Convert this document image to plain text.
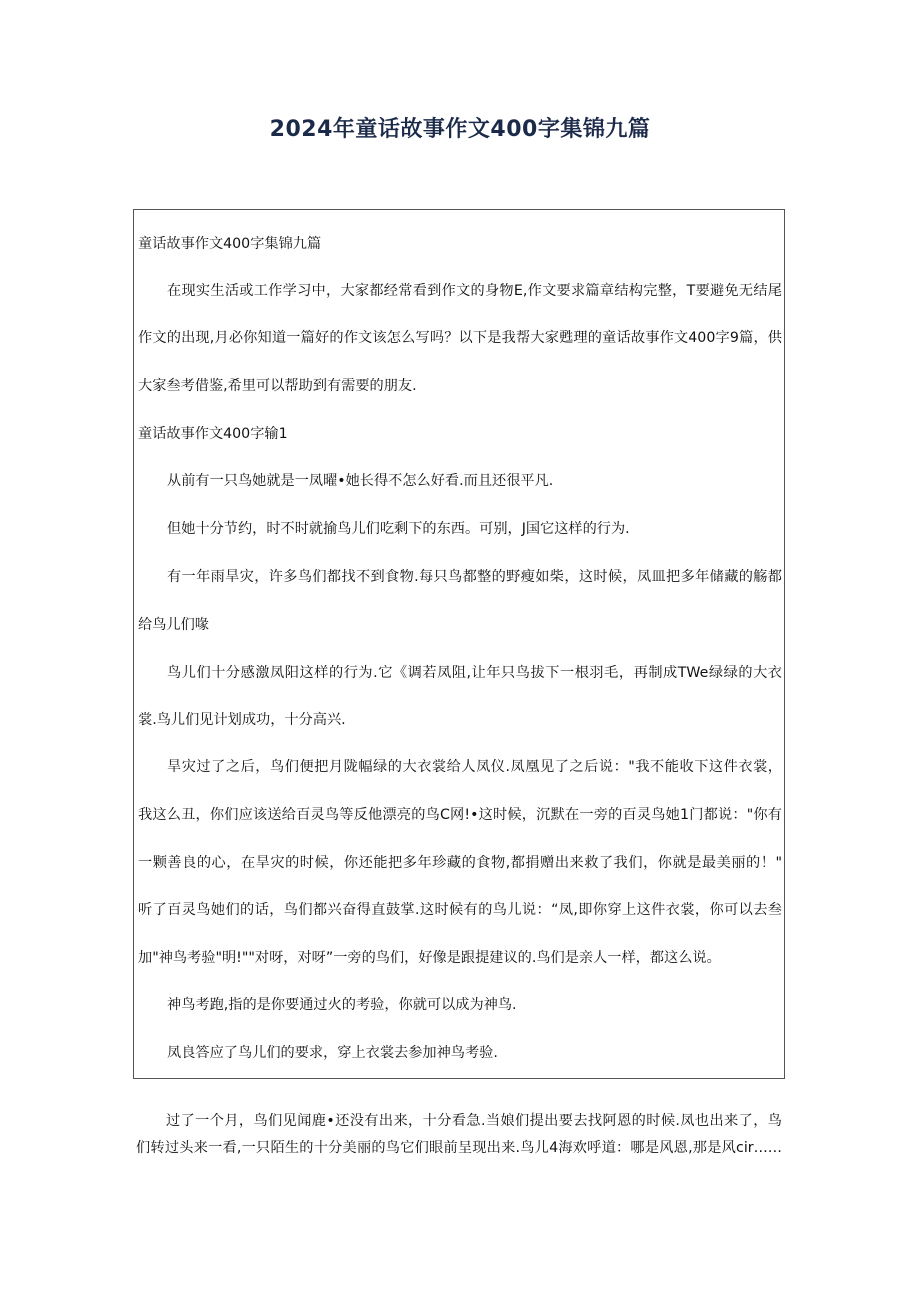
2024年童话故事作文400字集锦九篇
童话故事作文400字集锦九篇
在现实生活或工作学习中，大家都经常看到作文的身物E,作文要求篇章结构完整，T要避免无结尾
作文的出现,月必你知道一篇好的作文该怎么写吗？以下是我帮大家甦理的童话故事作文400字9篇，供
大家叁考借鉴,希里可以帮助到有需要的朋友.
童话故事作文400字输1
从前有一只鸟她就是一凤曜•她长得不怎么好看.而且还很平凡.
但她十分节约，时不时就揄鸟儿们吃剩下的东西。可别，J国它这样的行为.
有一年雨旱灾，许多鸟们都找不到食物.每只鸟都整的野瘦如柴，这时候，凤皿把多年储藏的觞都
给鸟儿们喙
鸟儿们十分感激凤阳这样的行为.它《调若凤阻,让年只鸟拔下一根羽毛，再制成TWe绿绿的大衣
裳.鸟儿们见计划成功，十分高兴.
旱灾过了之后，鸟们便把月陇幅绿的大衣裳给人凤仪.凤凰见了之后说："我不能收下这件衣裳，
我这么丑，你们应该送给百灵鸟等反他漂亮的鸟C网!•这时候，沉默在一旁的百灵鸟她1门都说："你有
一颗善良的心，在旱灾的时候，你还能把多年珍藏的食物,都捐赠出来救了我们，你就是最美丽的！"
听了百灵鸟她们的话，鸟们都兴奋得直鼓掌.这时候有的鸟儿说：“凤,即你穿上这件衣裳，你可以去叁
加"神鸟考验"明!""对呀，对呀”一旁的鸟们，好像是跟提建议的.鸟们是亲人一样，都这么说。
神鸟考跑,指的是你要通过火的考验，你就可以成为神鸟.
凤良答应了鸟儿们的要求，穿上衣裳去参加神鸟考验.
过了一个月，鸟们见闻鹿•还没有出来，十分看急.当娘们提出要去找阿恩的时候.凤也出来了，鸟
们转过头来一看,一只陌生的十分美丽的鸟它们眼前呈现出来.鸟儿4海欢呼道：哪是风恩,那是风cir……
